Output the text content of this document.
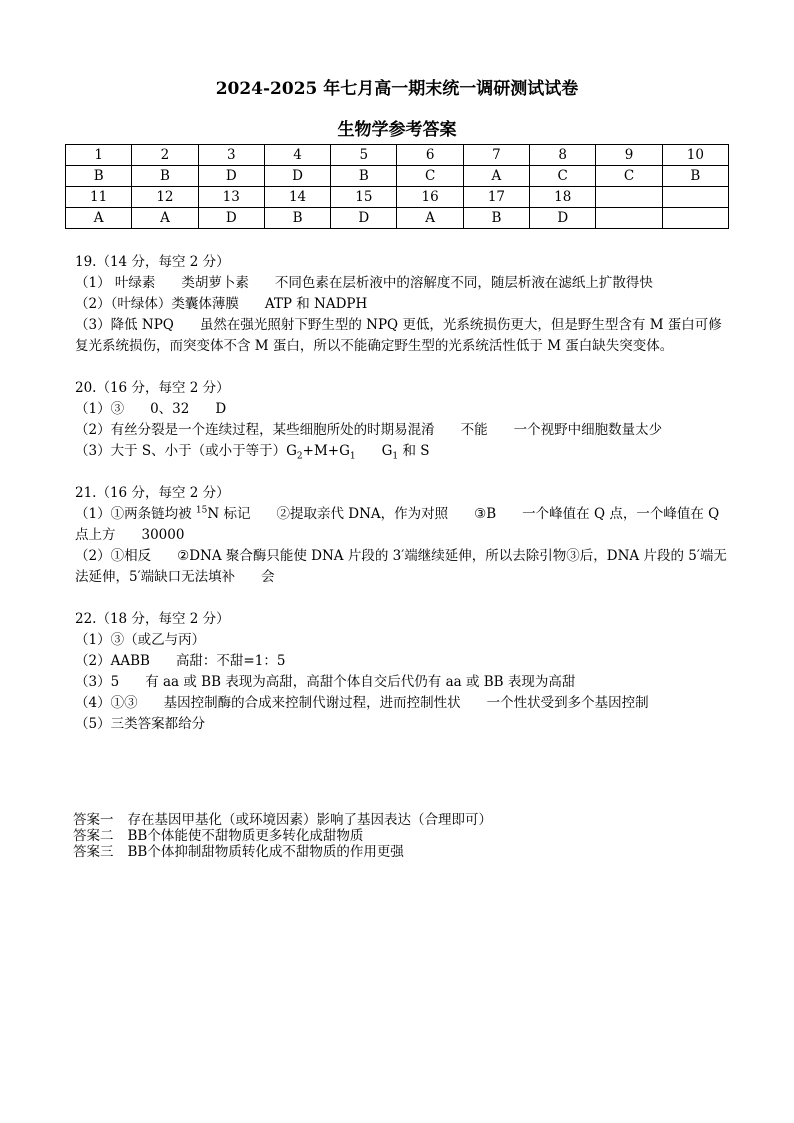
2024-2025 年七月高一期末统一调研测试试卷
生物学参考答案
1	2	3	4	5	6	7	8	9	10
B	B	D	D	B	C	A	C	C	B
11	12	13	14	15	16	17	18		
A	A	D	B	D	A	B	D		

19.（14 分，每空 2 分）

（1） 叶绿素 类胡萝卜素 不同色素在层析液中的溶解度不同，随层析液在滤纸上扩散得快

（2）（叶绿体）类囊体薄膜 ATP 和 NADPH

（3）降低 NPQ 虽然在强光照射下野生型的 NPQ 更低，光系统损伤更大，但是野生型含有 M 蛋白可修复光系统损伤，而突变体不含 M 蛋白，所以不能确定野生型的光系统活性低于 M 蛋白缺失突变体。

20.（16 分，每空 2 分）

（1）③ 0、32 D

（2）有丝分裂是一个连续过程，某些细胞所处的时期易混淆 不能 一个视野中细胞数量太少

（3）大于 S、小于（或小于等于）$G_2+M+G_1$ $G_1$ 和 S

21.（16 分，每空 2 分）

（1）①两条链均被 $^{15}$N 标记 ②提取亲代 DNA，作为对照 ③B 一个峰值在 Q 点，一个峰值在 Q 点上方 30000

（2）①相反 ②DNA 聚合酶只能使 DNA 片段的 3′端继续延伸，所以去除引物③后，DNA 片段的 5′端无法延伸，5′端缺口无法填补 会

22.（18 分，每空 2 分）

（1）③（或乙与丙）

（2）AABB 高甜：不甜=1：5

（3）5 有 aa 或 BB 表现为高甜，高甜个体自交后代仍有 aa 或 BB 表现为高甜

（4）①③ 基因控制酶的合成来控制代谢过程，进而控制性状 一个性状受到多个基因控制

（5）三类答案都给分

答案一 存在基因甲基化（或环境因素）影响了基因表达（合理即可）
答案二 BB个体能使不甜物质更多转化成甜物质
答案三 BB个体抑制甜物质转化成不甜物质的作用更强
